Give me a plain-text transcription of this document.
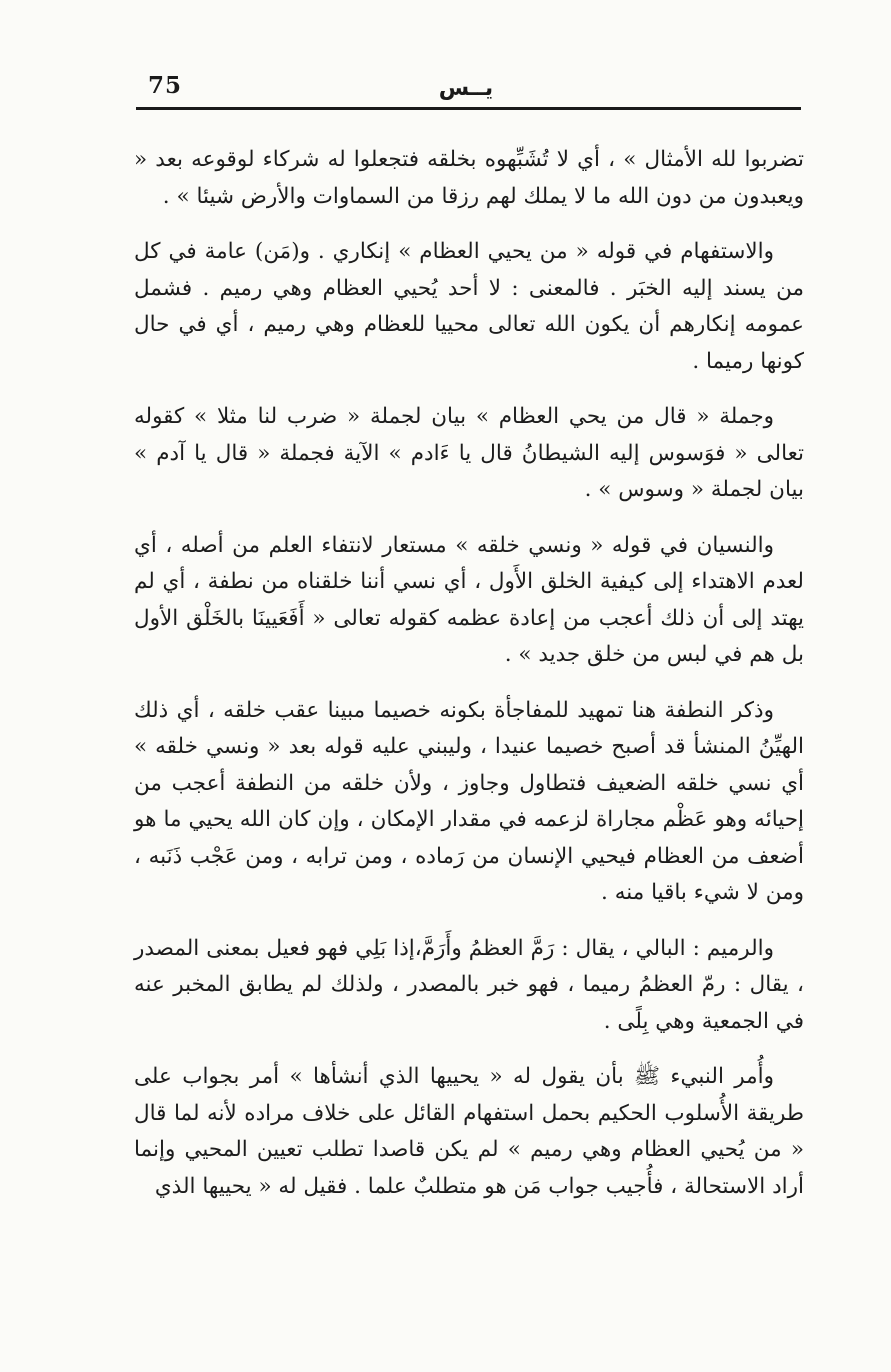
75	يــس

تضربوا لله الأمثال » ، أي لا تُشَبِّهوه بخلقه فتجعلوا له شركاء لوقوعه بعد « ويعبدون من دون الله ما لا يملك لهم رزقا من السماوات والأرض شيئا » .

والاستفهام في قوله « من يحيي العظام » إنكاري . و(مَن) عامة في كل من يسند إليه الخبَر . فالمعنى : لا أحد يُحيي العظام وهي رميم . فشمل عمومه إنكارهم أن يكون الله تعالى محييا للعظام وهي رميم ، أي في حال كونها رميما .

وجملة « قال من يحي العظام » بيان لجملة « ضرب لنا مثلا » كقوله تعالى « فوَسوس إليه الشيطانُ قال يا ءَادم » الآية فجملة « قال يا آدم » بيان لجملة « وسوس » .

والنسيان في قوله « ونسي خلقه » مستعار لانتفاء العلم من أصله ، أي لعدم الاهتداء إلى كيفية الخلق الأَول ، أي نسي أننا خلقناه من نطفة ، أي لم يهتد إلى أن ذلك أعجب من إعادة عظمه كقوله تعالى « أَفَعَيينَا بالخَلْق الأول بل هم في لبس من خلق جديد » .

وذكر النطفة هنا تمهيد للمفاجأة بكونه خصيما مبينا عقب خلقه ، أي ذلك الهيِّنُ المنشأ قد أصبح خصيما عنيدا ، وليبني عليه قوله بعد « ونسي خلقه » أي نسي خلقه الضعيف فتطاول وجاوز ، ولأن خلقه من النطفة أعجب من إحيائه وهو عَظْم مجاراة لزعمه في مقدار الإمكان ، وإن كان الله يحيي ما هو أضعف من العظام فيحيي الإنسان من رَماده ، ومن ترابه ، ومن عَجْب ذَنَبه ، ومن لا شيء باقيا منه .

والرميم : البالي ، يقال : رَمَّ العظمُ وأَرَمَّ،إذا بَلِي فهو فعيل بمعنى المصدر ، يقال : رمّ العظمُ رميما ، فهو خبر بالمصدر ، ولذلك لم يطابق المخبر عنه في الجمعية وهي بِلًى .

وأُمر النبيء ﷺ بأن يقول له « يحييها الذي أنشأها » أمر بجواب على طريقة الأُسلوب الحكيم بحمل استفهام القائل على خلاف مراده لأنه لما قال « من يُحيي العظام وهي رميم » لم يكن قاصدا تطلب تعيين المحيي وإنما أراد الاستحالة ، فأُجيب جواب مَن هو متطلبٌ علما . فقيل له « يحييها الذي
